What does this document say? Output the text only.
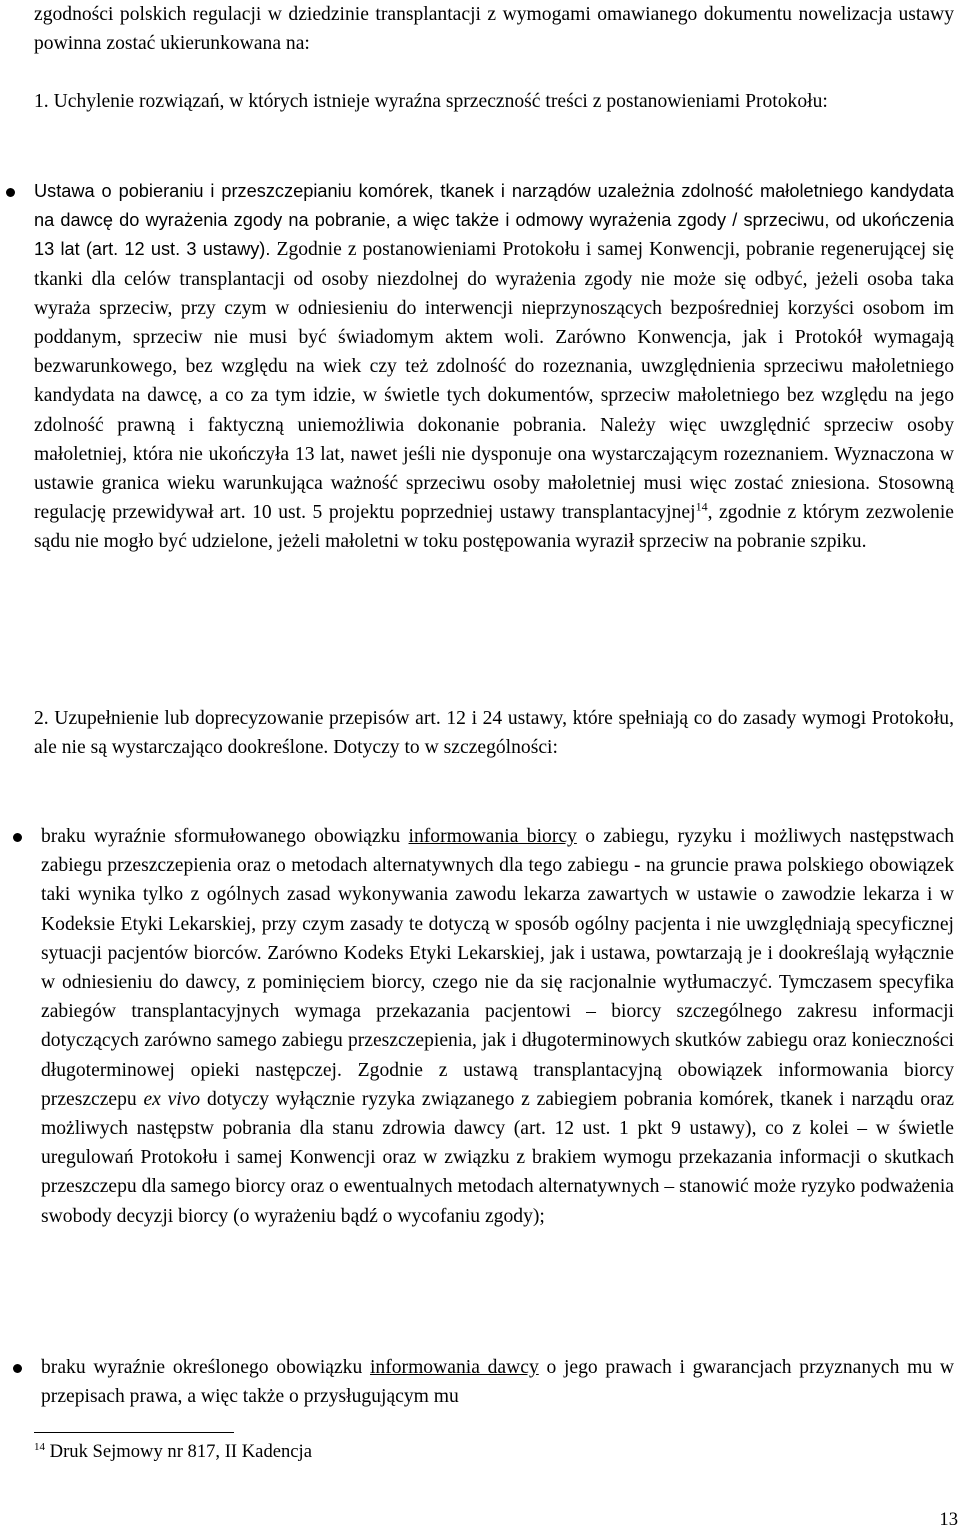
zgodności polskich regulacji w dziedzinie transplantacji z wymogami omawianego dokumentu nowelizacja ustawy powinna zostać ukierunkowana na:

1. Uchylenie rozwiązań, w których istnieje wyraźna sprzeczność treści z postanowieniami Protokołu:

Ustawa o pobieraniu i przeszczepianiu komórek, tkanek i narządów uzależnia zdolność małoletniego kandydata na dawcę do wyrażenia zgody na pobranie, a więc także i odmowy wyrażenia zgody / sprzeciwu, od ukończenia 13 lat (art. 12 ust. 3 ustawy). Zgodnie z postanowieniami Protokołu i samej Konwencji, pobranie regenerującej się tkanki dla celów transplantacji od osoby niezdolnej do wyrażenia zgody nie może się odbyć, jeżeli osoba taka wyraża sprzeciw, przy czym w odniesieniu do interwencji nieprzynoszących bezpośredniej korzyści osobom im poddanym, sprzeciw nie musi być świadomym aktem woli. Zarówno Konwencja, jak i Protokół wymagają bezwarunkowego, bez względu na wiek czy też zdolność do rozeznania, uwzględnienia sprzeciwu małoletniego kandydata na dawcę, a co za tym idzie, w świetle tych dokumentów, sprzeciw małoletniego bez względu na jego zdolność prawną i faktyczną uniemożliwia dokonanie pobrania. Należy więc uwzględnić sprzeciw osoby małoletniej, która nie ukończyła 13 lat, nawet jeśli nie dysponuje ona wystarczającym rozeznaniem. Wyznaczona w ustawie granica wieku warunkująca ważność sprzeciwu osoby małoletniej musi więc zostać zniesiona. Stosowną regulację przewidywał art. 10 ust. 5 projektu poprzedniej ustawy transplantacyjnej$^{14}$, zgodnie z którym zezwolenie sądu nie mogło być udzielone, jeżeli małoletni w toku postępowania wyraził sprzeciw na pobranie szpiku.

2. Uzupełnienie lub doprecyzowanie przepisów art. 12 i 24 ustawy, które spełniają co do zasady wymogi Protokołu, ale nie są wystarczająco dookreślone. Dotyczy to w szczególności:

braku wyraźnie sformułowanego obowiązku informowania biorcy o zabiegu, ryzyku i możliwych następstwach zabiegu przeszczepienia oraz o metodach alternatywnych dla tego zabiegu - na gruncie prawa polskiego obowiązek taki wynika tylko z ogólnych zasad wykonywania zawodu lekarza zawartych w ustawie o zawodzie lekarza i w Kodeksie Etyki Lekarskiej, przy czym zasady te dotyczą w sposób ogólny pacjenta i nie uwzględniają specyficznej sytuacji pacjentów biorców. Zarówno Kodeks Etyki Lekarskiej, jak i ustawa, powtarzają je i dookreślają wyłącznie w odniesieniu do dawcy, z pominięciem biorcy, czego nie da się racjonalnie wytłumaczyć. Tymczasem specyfika zabiegów transplantacyjnych wymaga przekazania pacjentowi – biorcy szczególnego zakresu informacji dotyczących zarówno samego zabiegu przeszczepienia, jak i długoterminowych skutków zabiegu oraz konieczności długoterminowej opieki następczej. Zgodnie z ustawą transplantacyjną obowiązek informowania biorcy przeszczepu ex vivo dotyczy wyłącznie ryzyka związanego z zabiegiem pobrania komórek, tkanek i narządu oraz możliwych następstw pobrania dla stanu zdrowia dawcy (art. 12 ust. 1 pkt 9 ustawy), co z kolei – w świetle uregulowań Protokołu i samej Konwencji oraz w związku z brakiem wymogu przekazania informacji o skutkach przeszczepu dla samego biorcy oraz o ewentualnych metodach alternatywnych – stanowić może ryzyko podważenia swobody decyzji biorcy (o wyrażeniu bądź o wycofaniu zgody);

braku wyraźnie określonego obowiązku informowania dawcy o jego prawach i gwarancjach przyznanych mu w przepisach prawa, a więc także o przysługującym mu

$^{14}$ Druk Sejmowy nr 817, II Kadencja
13
